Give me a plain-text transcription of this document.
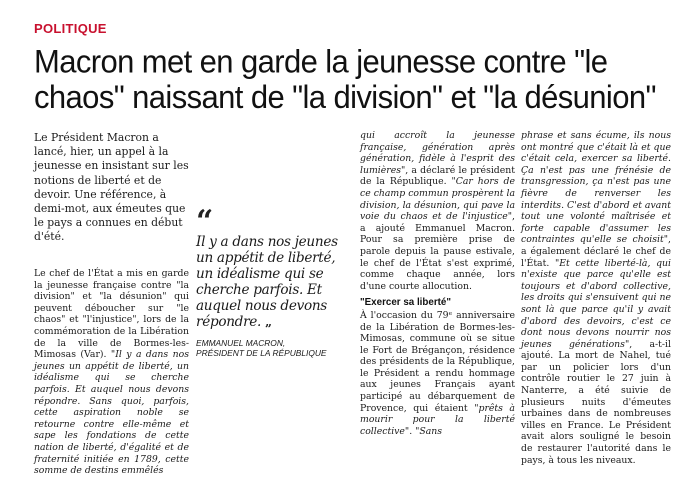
POLITIQUE
Macron met en garde la jeunesse contre "le chaos" naissant de "la division" et "la désunion"
Le Président Macron a lancé, hier, un appel à la jeunesse en insistant sur les notions de liberté et de devoir. Une référence, à demi-mot, aux émeutes que le pays a connues en début d'été.

Le chef de l'État a mis en garde la jeunesse française contre "la division" et "la désunion" qui peuvent déboucher sur "le chaos" et "l'injustice", lors de la commémoration de la Libération de la ville de Bormes-les-Mimosas (Var). "Il y a dans nos jeunes un appétit de liberté, un idéalisme qui se cherche parfois. Et auquel nous devons répondre. Sans quoi, parfois, cette aspiration noble se retourne contre elle-même et sape les fondations de cette nation de liberté, d'égalité et de fraternité initiée en 1789, cette somme de destins emmêlés

“
Il y a dans nos jeunes un appétit de liberté, un idéalisme qui se cherche parfois. Et auquel nous devons répondre. „
EMMANUEL MACRON,
PRÉSIDENT DE LA RÉPUBLIQUE

qui accroît la jeunesse française, génération après génération, fidèle à l'esprit des lumières", a déclaré le président de la République. "Car hors de ce champ commun prospèrent la division, la désunion, qui pave la voie du chaos et de l'injustice", a ajouté Emmanuel Macron. Pour sa première prise de parole depuis la pause estivale, le chef de l'État s'est exprimé, comme chaque année, lors d'une courte allocution.

"Exercer sa liberté"

À l'occasion du 79ᵉ anniversaire de la Libération de Bormes-les-Mimosas, commune où se situe le Fort de Brégançon, résidence des présidents de la République, le Président a rendu hommage aux jeunes Français ayant participé au débarquement de Provence, qui étaient "prêts à mourir pour la liberté collective". "Sans

phrase et sans écume, ils nous ont montré que c'était là et que c'était cela, exercer sa liberté. Ça n'est pas une frénésie de transgression, ça n'est pas une fièvre de renverser les interdits. C'est d'abord et avant tout une volonté maîtrisée et forte capable d'assumer les contraintes qu'elle se choisit", a également déclaré le chef de l'État. "Et cette liberté-là, qui n'existe que parce qu'elle est toujours et d'abord collective, les droits qui s'ensuivent qui ne sont là que parce qu'il y avait d'abord des devoirs, c'est ce dont nous devons nourrir nos jeunes générations", a-t-il ajouté. La mort de Nahel, tué par un policier lors d'un contrôle routier le 27 juin à Nanterre, a été suivie de plusieurs nuits d'émeutes urbaines dans de nombreuses villes en France. Le Président avait alors souligné le besoin de restaurer l'autorité dans le pays, à tous les niveaux.
